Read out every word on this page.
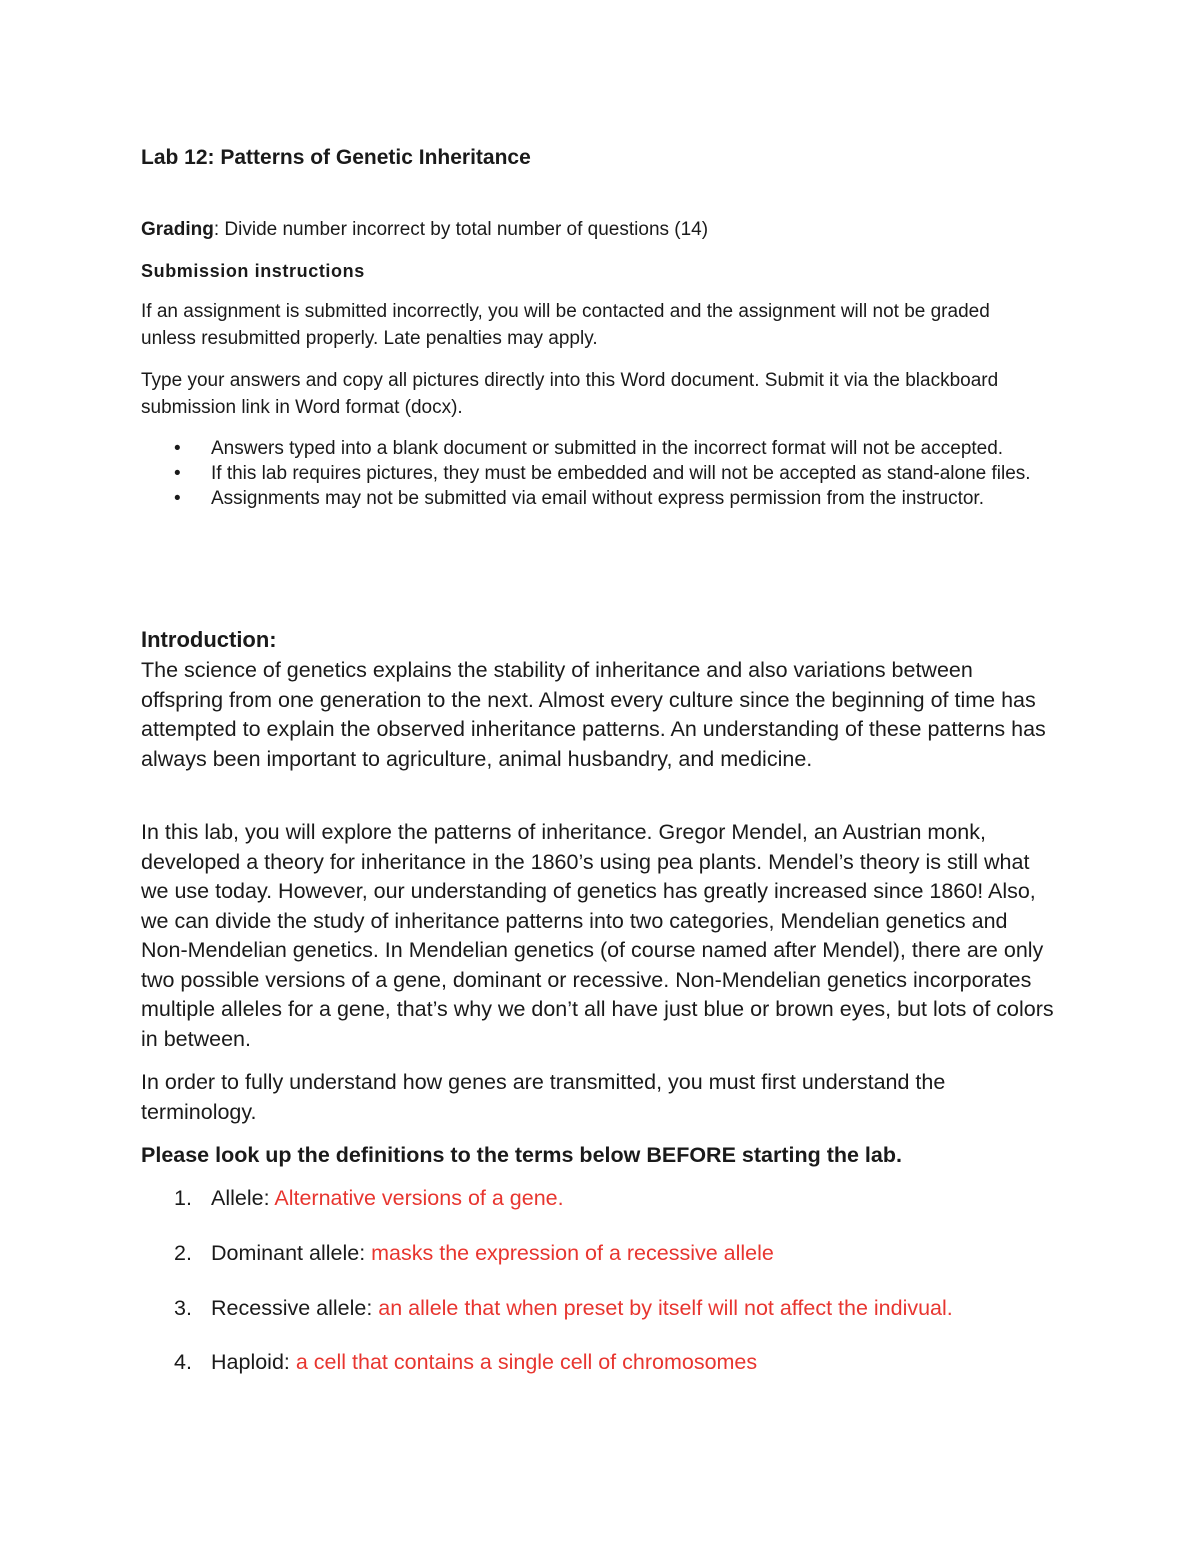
Lab 12: Patterns of Genetic Inheritance

Grading: Divide number incorrect by total number of questions (14)

Submission instructions

If an assignment is submitted incorrectly, you will be contacted and the assignment will not be graded unless resubmitted properly. Late penalties may apply.

Type your answers and copy all pictures directly into this Word document. Submit it via the blackboard submission link in Word format (docx).

• Answers typed into a blank document or submitted in the incorrect format will not be accepted.
• If this lab requires pictures, they must be embedded and will not be accepted as stand-alone files.
• Assignments may not be submitted via email without express permission from the instructor.
Introduction:

The science of genetics explains the stability of inheritance and also variations between offspring from one generation to the next. Almost every culture since the beginning of time has attempted to explain the observed inheritance patterns. An understanding of these patterns has always been important to agriculture, animal husbandry, and medicine.

In this lab, you will explore the patterns of inheritance. Gregor Mendel, an Austrian monk, developed a theory for inheritance in the 1860’s using pea plants. Mendel’s theory is still what we use today. However, our understanding of genetics has greatly increased since 1860! Also, we can divide the study of inheritance patterns into two categories, Mendelian genetics and Non-Mendelian genetics. In Mendelian genetics (of course named after Mendel), there are only two possible versions of a gene, dominant or recessive. Non-Mendelian genetics incorporates multiple alleles for a gene, that’s why we don’t all have just blue or brown eyes, but lots of colors in between.

In order to fully understand how genes are transmitted, you must first understand the terminology.

Please look up the definitions to the terms below BEFORE starting the lab.

1. Allele: Alternative versions of a gene.
2. Dominant allele: masks the expression of a recessive allele
3. Recessive allele: an allele that when preset by itself will not affect the indivual.
4. Haploid: a cell that contains a single cell of chromosomes
